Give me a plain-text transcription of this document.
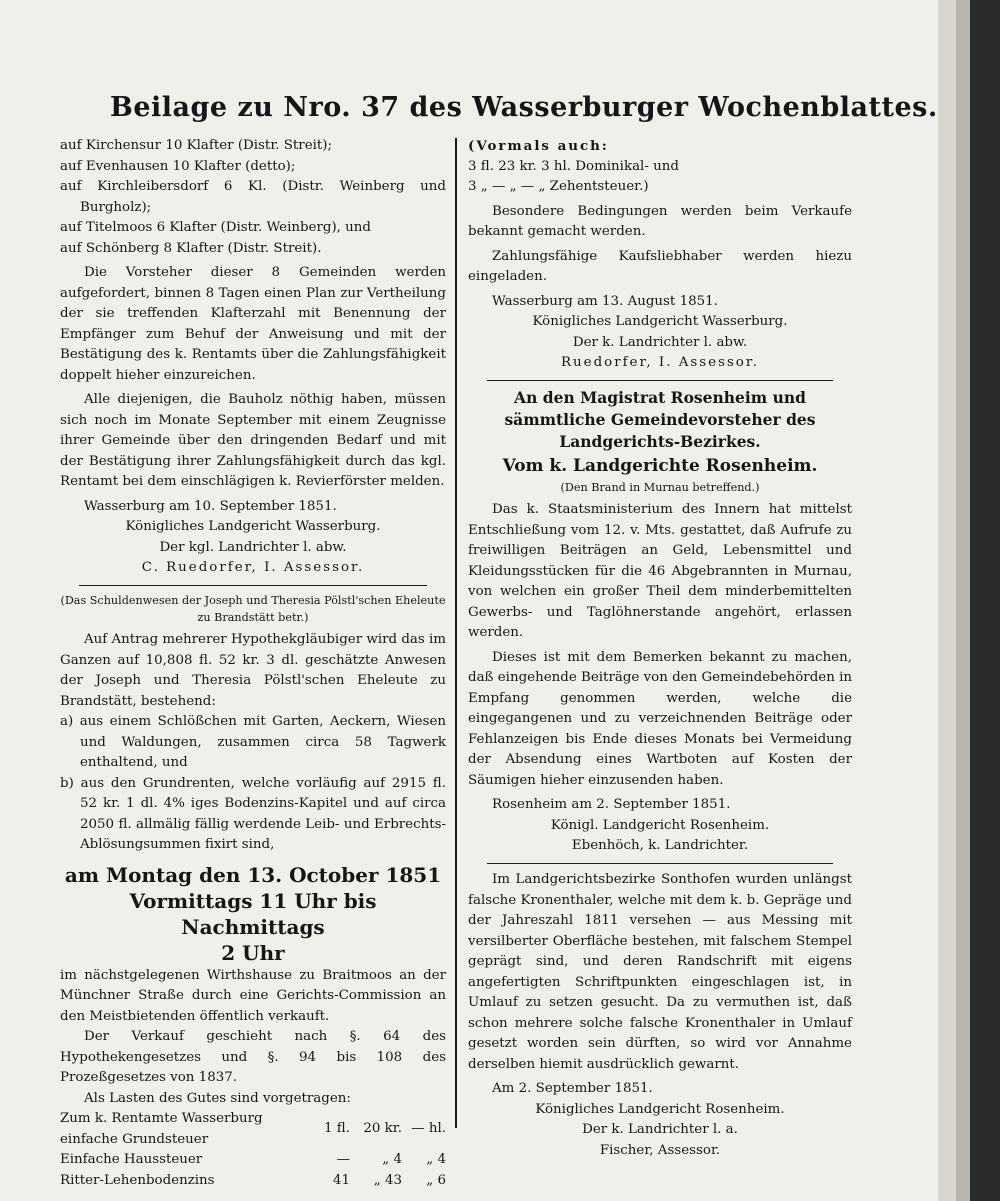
Beilage zu Nro. 37 des Wasserburger Wochenblattes.

auf Kirchensur 10 Klafter (Distr. Streit);

auf Evenhausen 10 Klafter (detto);

auf Kirchleibersdorf 6 Kl. (Distr. Weinberg und Burgholz);

auf Titelmoos 6 Klafter (Distr. Weinberg), und

auf Schönberg 8 Klafter (Distr. Streit).

Die Vorsteher dieser 8 Gemeinden werden aufgefordert, binnen 8 Tagen einen Plan zur Vertheilung der sie treffenden Klafterzahl mit Benennung der Empfänger zum Behuf der Anweisung und mit der Bestätigung des k. Rentamts über die Zahlungsfähigkeit doppelt hieher einzureichen.

Alle diejenigen, die Bauholz nöthig haben, müssen sich noch im Monate September mit einem Zeugnisse ihrer Gemeinde über den dringenden Bedarf und mit der Bestätigung ihrer Zahlungsfähigkeit durch das kgl. Rentamt bei dem einschlägigen k. Revierförster melden.

Wasserburg am 10. September 1851.

Königliches Landgericht Wasserburg.

Der kgl. Landrichter l. abw.

C. Ruedorfer, I. Assessor.

(Das Schuldenwesen der Joseph und Theresia Pölstl'schen Eheleute zu Brandstätt betr.)

Auf Antrag mehrerer Hypothekgläubiger wird das im Ganzen auf 10,808 fl. 52 kr. 3 dl. geschätzte Anwesen der Joseph und Theresia Pölstl'schen Eheleute zu Brandstätt, bestehend:

a) aus einem Schlößchen mit Garten, Aeckern, Wiesen und Waldungen, zusammen circa 58 Tagwerk enthaltend, und

b) aus den Grundrenten, welche vorläufig auf 2915 fl. 52 kr. 1 dl. 4% iges Bodenzins-Kapitel und auf circa 2050 fl. allmälig fällig werdende Leib- und Erbrechts-Ablösungsummen fixirt sind,

am Montag den 13. October 1851

Vormittags 11 Uhr bis Nachmittags

2 Uhr

im nächstgelegenen Wirthshause zu Braitmoos an der Münchner Straße durch eine Gerichts-Commission an den Meistbietenden öffentlich verkauft.

Der Verkauf geschieht nach §. 64 des Hypothekengesetzes und §. 94 bis 108 des Prozeßgesetzes von 1837.

Als Lasten des Gutes sind vorgetragen:

Zum k. Rentamte Wasserburg einfache Grundsteuer	1 fl.	20 kr.	— hl.
Einfache Haussteuer	—	„ 4	„ 4
Ritter-Lehenbodenzins	41	„ 43	„ 6

(Vormals auch:

3 fl. 23 kr. 3 hl. Dominikal- und

3 „ — „ — „ Zehentsteuer.)

Besondere Bedingungen werden beim Verkaufe bekannt gemacht werden.

Zahlungsfähige Kaufsliebhaber werden hiezu eingeladen.

Wasserburg am 13. August 1851.

Königliches Landgericht Wasserburg.

Der k. Landrichter l. abw.

Ruedorfer, I. Assessor.

An den Magistrat Rosenheim und sämmtliche Gemeindevorsteher des Landgerichts-Bezirkes.

Vom k. Landgerichte Rosenheim.

(Den Brand in Murnau betreffend.)

Das k. Staatsministerium des Innern hat mittelst Entschließung vom 12. v. Mts. gestattet, daß Aufrufe zu freiwilligen Beiträgen an Geld, Lebensmittel und Kleidungsstücken für die 46 Abgebrannten in Murnau, von welchen ein großer Theil dem minderbemittelten Gewerbs- und Taglöhnerstande angehört, erlassen werden.

Dieses ist mit dem Bemerken bekannt zu machen, daß eingehende Beiträge von den Gemeindebehörden in Empfang genommen werden, welche die eingegangenen und zu verzeichnenden Beiträge oder Fehlanzeigen bis Ende dieses Monats bei Vermeidung der Absendung eines Wartboten auf Kosten der Säumigen hieher einzusenden haben.

Rosenheim am 2. September 1851.

Königl. Landgericht Rosenheim.

Ebenhöch, k. Landrichter.

Im Landgerichtsbezirke Sonthofen wurden unlängst falsche Kronenthaler, welche mit dem k. b. Gepräge und der Jahreszahl 1811 versehen — aus Messing mit versilberter Oberfläche bestehen, mit falschem Stempel geprägt sind, und deren Randschrift mit eigens angefertigten Schriftpunkten eingeschlagen ist, in Umlauf zu setzen gesucht. Da zu vermuthen ist, daß schon mehrere solche falsche Kronenthaler in Umlauf gesetzt worden sein dürften, so wird vor Annahme derselben hiemit ausdrücklich gewarnt.

Am 2. September 1851.

Königliches Landgericht Rosenheim.

Der k. Landrichter l. a.

Fischer, Assessor.
